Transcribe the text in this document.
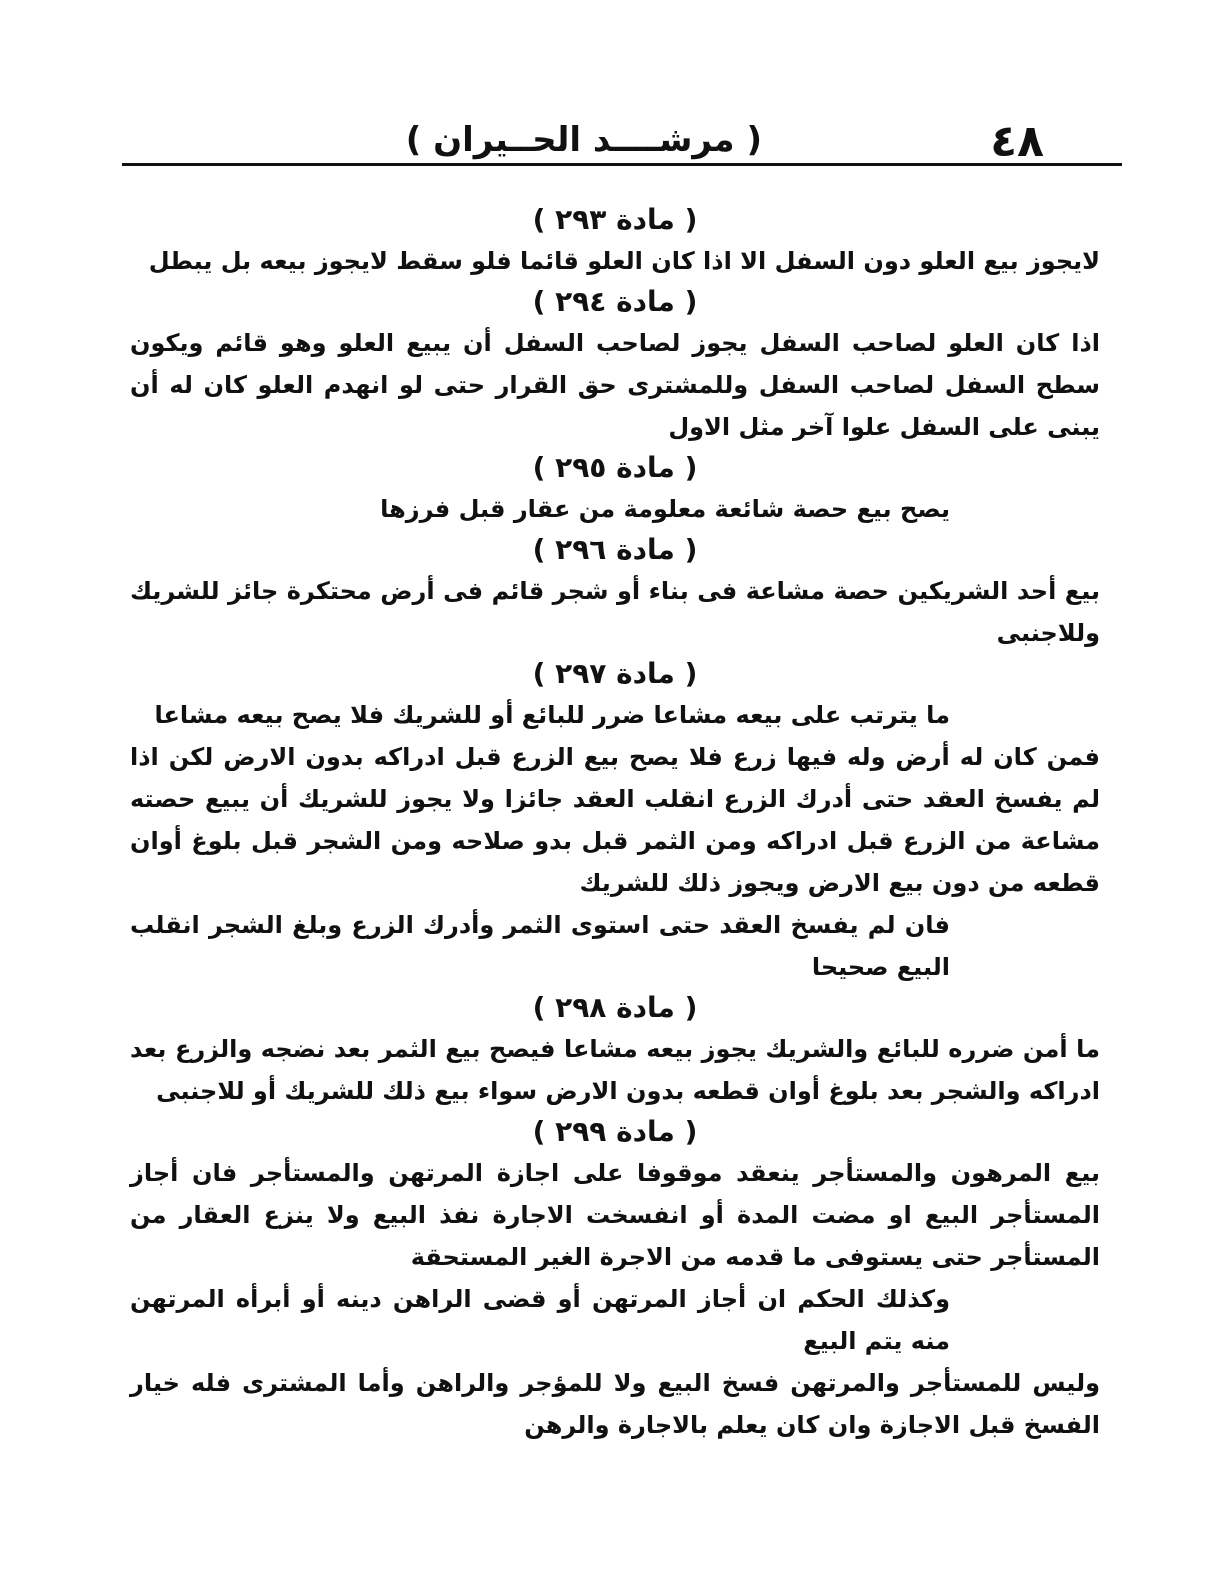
٤٨
( مرشــــد الحــيران )
( مادة ٢٩٣ )

لايجوز بيع العلو دون السفل الا اذا كان العلو قائما فلو سقط لايجوز بيعه بل يبطل

( مادة ٢٩٤ )

اذا كان العلو لصاحب السفل يجوز لصاحب السفل أن يبيع العلو وهو قائم ويكون سطح السفل لصاحب السفل وللمشترى حق القرار حتى لو انهدم العلو كان له أن يبنى على السفل علوا آخر مثل الاول

( مادة ٢٩٥ )

يصح بيع حصة شائعة معلومة من عقار قبل فرزها

( مادة ٢٩٦ )

بيع أحد الشريكين حصة مشاعة فى بناء أو شجر قائم فى أرض محتكرة جائز للشريك وللاجنبى

( مادة ٢٩٧ )

ما يترتب على بيعه مشاعا ضرر للبائع أو للشريك فلا يصح بيعه مشاعا

فمن كان له أرض وله فيها زرع فلا يصح بيع الزرع قبل ادراكه بدون الارض لكن اذا لم يفسخ العقد حتى أدرك الزرع انقلب العقد جائزا ولا يجوز للشريك أن يبيع حصته مشاعة من الزرع قبل ادراكه ومن الثمر قبل بدو صلاحه ومن الشجر قبل بلوغ أوان قطعه من دون بيع الارض ويجوز ذلك للشريك

فان لم يفسخ العقد حتى استوى الثمر وأدرك الزرع وبلغ الشجر انقلب البيع صحيحا

( مادة ٢٩٨ )

ما أمن ضرره للبائع والشريك يجوز بيعه مشاعا فيصح بيع الثمر بعد نضجه والزرع بعد ادراكه والشجر بعد بلوغ أوان قطعه بدون الارض سواء بيع ذلك للشريك أو للاجنبى

( مادة ٢٩٩ )

بيع المرهون والمستأجر ينعقد موقوفا على اجازة المرتهن والمستأجر فان أجاز المستأجر البيع او مضت المدة أو انفسخت الاجارة نفذ البيع ولا ينزع العقار من المستأجر حتى يستوفى ما قدمه من الاجرة الغير المستحقة

وكذلك الحكم ان أجاز المرتهن أو قضى الراهن دينه أو أبرأه المرتهن منه يتم البيع

وليس للمستأجر والمرتهن فسخ البيع ولا للمؤجر والراهن وأما المشترى فله خيار الفسخ قبل الاجازة وان كان يعلم بالاجارة والرهن
